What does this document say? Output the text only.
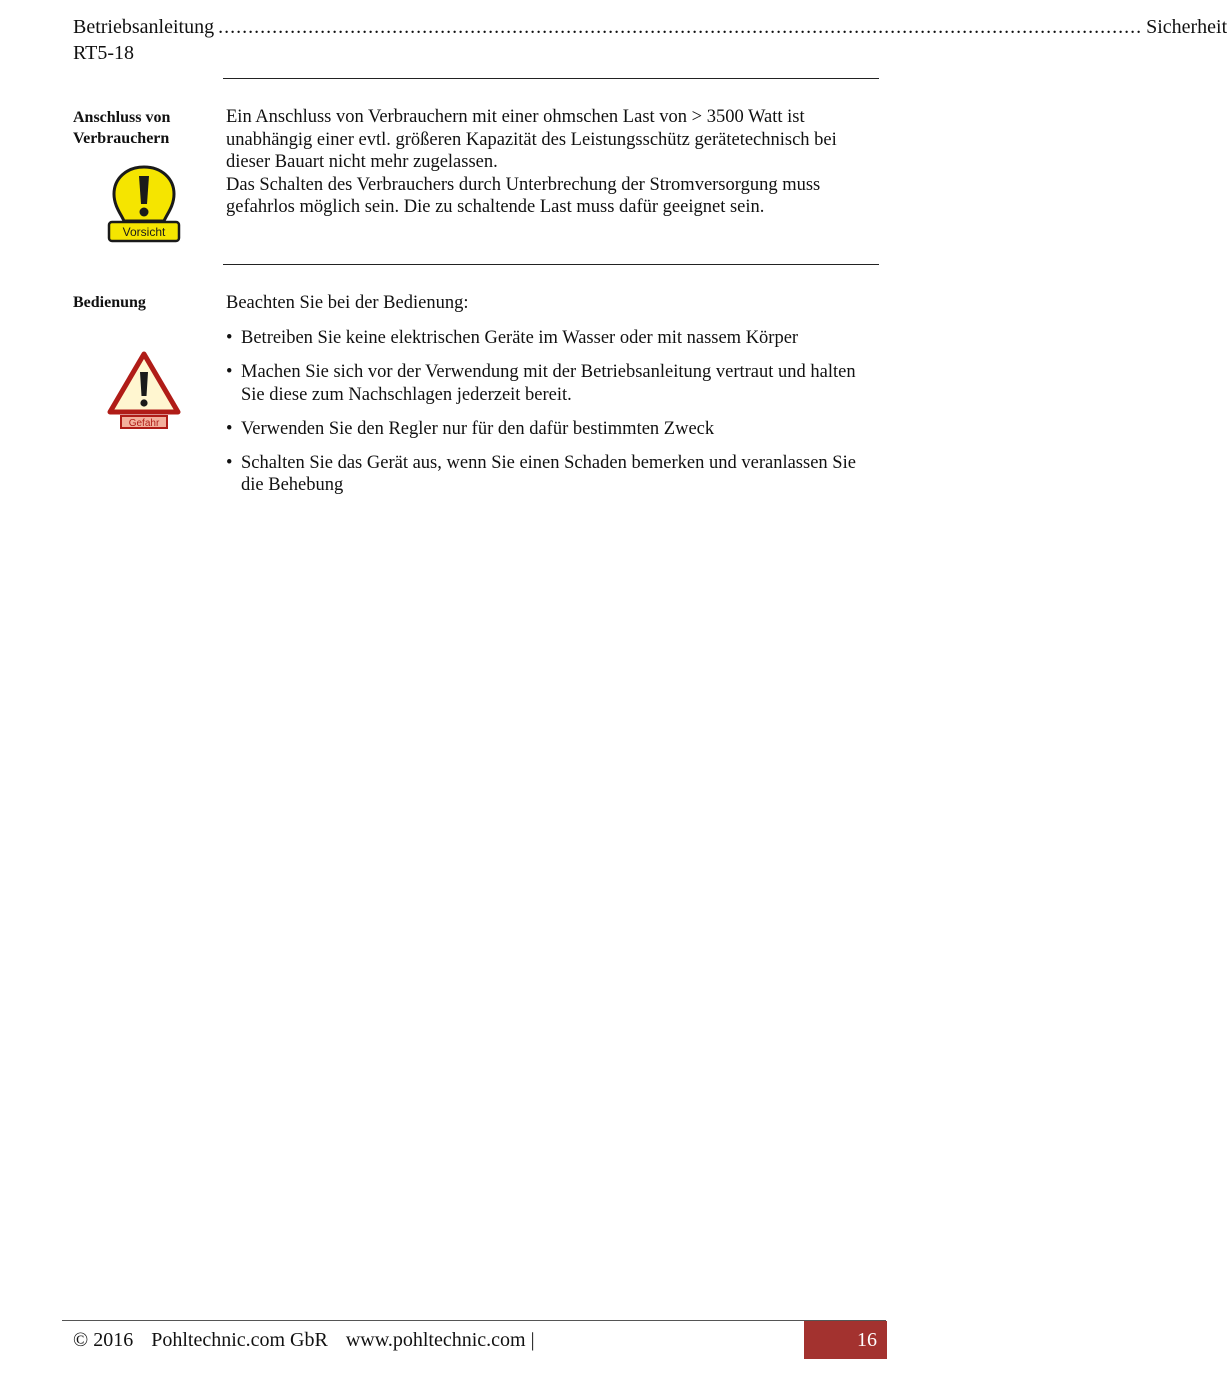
Betriebsanleitung RT5-18
.......................................................................................................................................................... Sicherheit
Anschluss von
Verbrauchern
Vorsicht

Ein Anschluss von Verbrauchern mit einer ohmschen Last von > 3500 Watt ist unabhängig einer evtl. größeren Kapazität des Leistungsschütz gerätetechnisch bei dieser Bauart nicht mehr zugelassen.

Das Schalten des Verbrauchers durch Unterbrechung der Stromversorgung muss gefahrlos möglich sein. Die zu schaltende Last muss dafür geeignet sein.

Bedienung
Gefahr
Beachten Sie bei der Bedienung:
• Betreiben Sie keine elektrischen Geräte im Wasser oder mit nassem Körper
• Machen Sie sich vor der Verwendung mit der Betriebsanleitung vertraut und halten Sie diese zum Nachschlagen jederzeit bereit.
• Verwenden Sie den Regler nur für den dafür bestimmten Zweck
• Schalten Sie das Gerät aus, wenn Sie einen Schaden bemerken und veranlassen Sie die Behebung
© 2016 Pohltechnic.com GbR www.pohltechnic.com |	16
